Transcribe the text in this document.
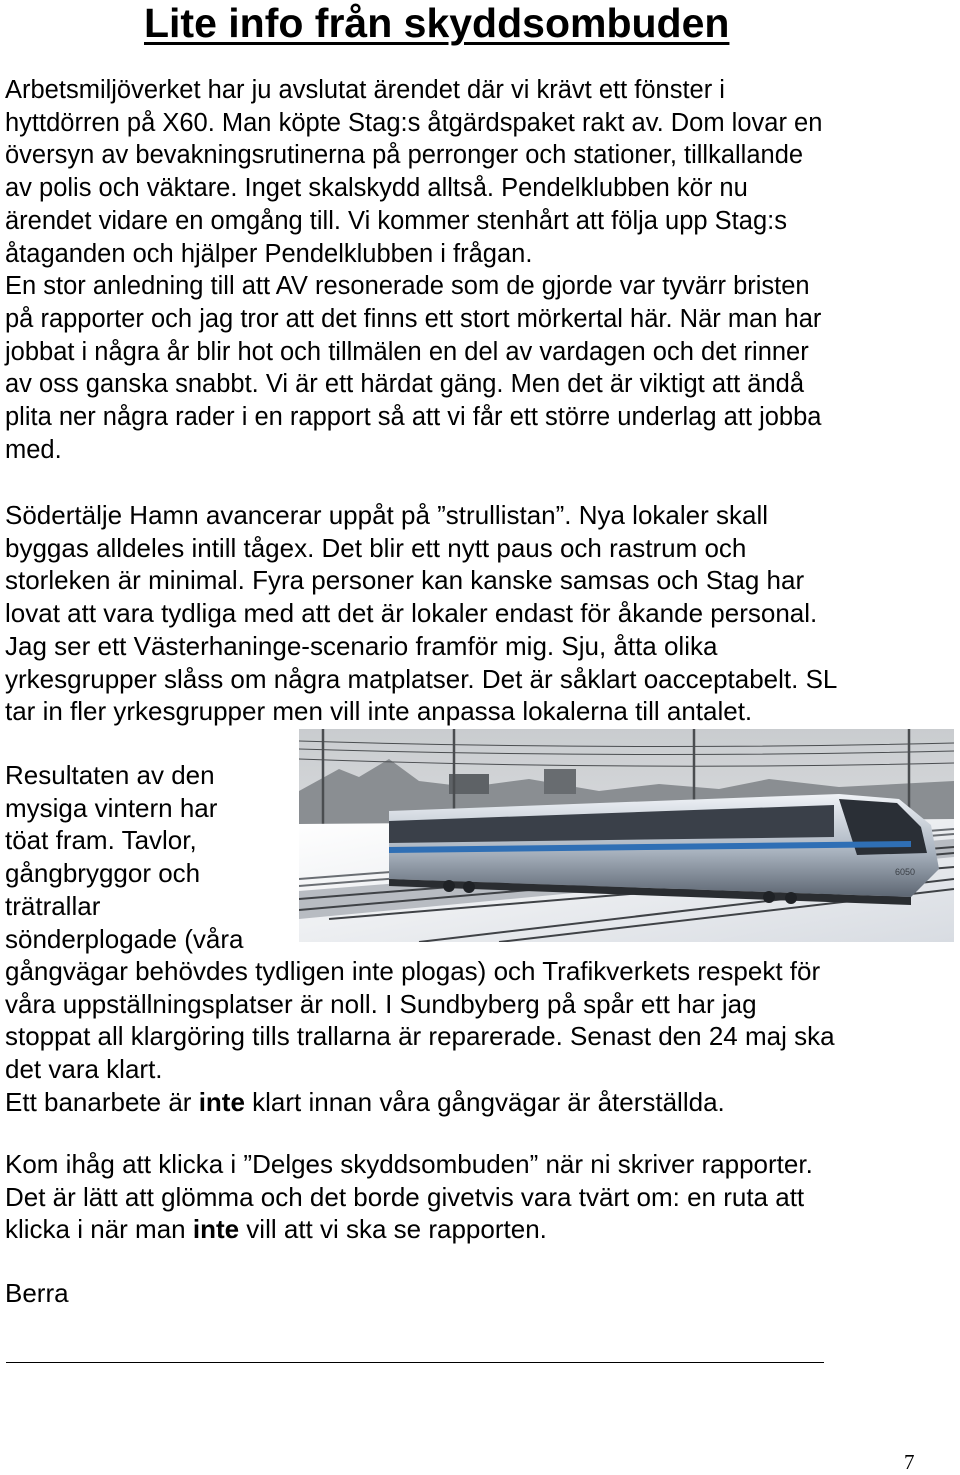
Lite info från skyddsombuden
Arbetsmiljöverket har ju avslutat ärendet där vi krävt ett fönster i
hyttdörren på X60. Man köpte Stag:s åtgärdspaket rakt av. Dom lovar en
översyn av bevakningsrutinerna på perronger och stationer, tillkallande
av polis och väktare. Inget skalskydd alltså. Pendelklubben kör nu
ärendet vidare en omgång till. Vi kommer stenhårt att följa upp Stag:s
åtaganden och hjälper Pendelklubben i frågan.
En stor anledning till att AV resonerade som de gjorde var tyvärr bristen
på rapporter och jag tror att det finns ett stort mörkertal här. När man har
jobbat i några år blir hot och tillmälen en del av vardagen och det rinner
av oss ganska snabbt. Vi är ett härdat gäng. Men det är viktigt att ändå
plita ner några rader i en rapport så att vi får ett större underlag att jobba
med.
Södertälje Hamn avancerar uppåt på ”strullistan”. Nya lokaler skall
byggas alldeles intill tågex. Det blir ett nytt paus och rastrum och
storleken är minimal. Fyra personer kan kanske samsas och Stag har
lovat att vara tydliga med att det är lokaler endast för åkande personal.
Jag ser ett Västerhaninge-scenario framför mig. Sju, åtta olika
yrkesgrupper slåss om några matplatser. Det är såklart oacceptabelt. SL
tar in fler yrkesgrupper men vill inte anpassa lokalerna till antalet.
6050
Resultaten av den
mysiga vintern har
töat fram. Tavlor,
gångbryggor och
trätrallar
sönderplogade (våra
gångvägar behövdes tydligen inte plogas) och Trafikverkets respekt för
våra uppställningsplatser är noll. I Sundbyberg på spår ett har jag
stoppat all klargöring tills trallarna är reparerade. Senast den 24 maj ska
det vara klart.
Ett banarbete är inte klart innan våra gångvägar är återställda.
Kom ihåg att klicka i ”Delges skyddsombuden” när ni skriver rapporter.
Det är lätt att glömma och det borde givetvis vara tvärt om: en ruta att
klicka i när man inte vill att vi ska se rapporten.
Berra
7
